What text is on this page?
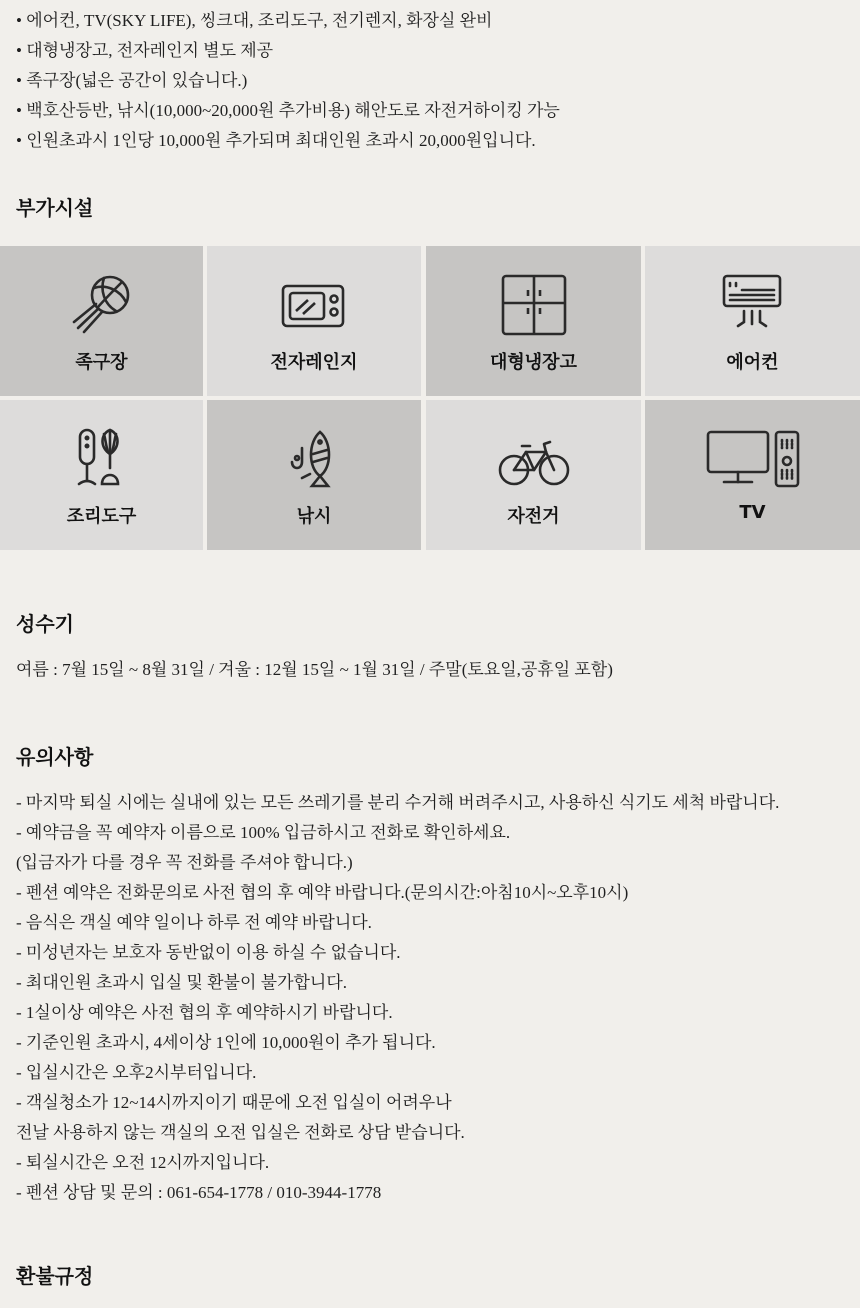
• 에어컨, TV(SKY LIFE), 씽크대, 조리도구, 전기렌지, 화장실 완비
• 대형냉장고, 전자레인지 별도 제공
• 족구장(넓은 공간이 있습니다.)
• 백호산등반, 낚시(10,000~20,000원 추가비용) 해안도로 자전거하이킹 가능
• 인원초과시 1인당 10,000원 추가되며 최대인원 초과시 20,000원입니다.
부가시설
족구장	전자레인지	대형냉장고	에어컨
조리도구	낚시	자전거	TV
성수기
여름 : 7월 15일 ~ 8월 31일 / 겨울 : 12월 15일 ~ 1월 31일 / 주말(토요일,공휴일 포함)
유의사항
- 마지막 퇴실 시에는 실내에 있는 모든 쓰레기를 분리 수거해 버려주시고, 사용하신 식기도 세척 바랍니다.
- 예약금을 꼭 예약자 이름으로 100% 입금하시고 전화로 확인하세요.
(입금자가 다를 경우 꼭 전화를 주셔야 합니다.)
- 펜션 예약은 전화문의로 사전 협의 후 예약 바랍니다.(문의시간:아침10시~오후10시)
- 음식은 객실 예약 일이나 하루 전 예약 바랍니다.
- 미성년자는 보호자 동반없이 이용 하실 수 없습니다.
- 최대인원 초과시 입실 및 환불이 불가합니다.
- 1실이상 예약은 사전 협의 후 예약하시기 바랍니다.
- 기준인원 초과시, 4세이상 1인에 10,000원이 추가 됩니다.
- 입실시간은 오후2시부터입니다.
- 객실청소가 12~14시까지이기 때문에 오전 입실이 어려우나
전날 사용하지 않는 객실의 오전 입실은 전화로 상담 받습니다.
- 퇴실시간은 오전 12시까지입니다.
- 펜션 상담 및 문의 : 061-654-1778 / 010-3944-1778
환불규정
